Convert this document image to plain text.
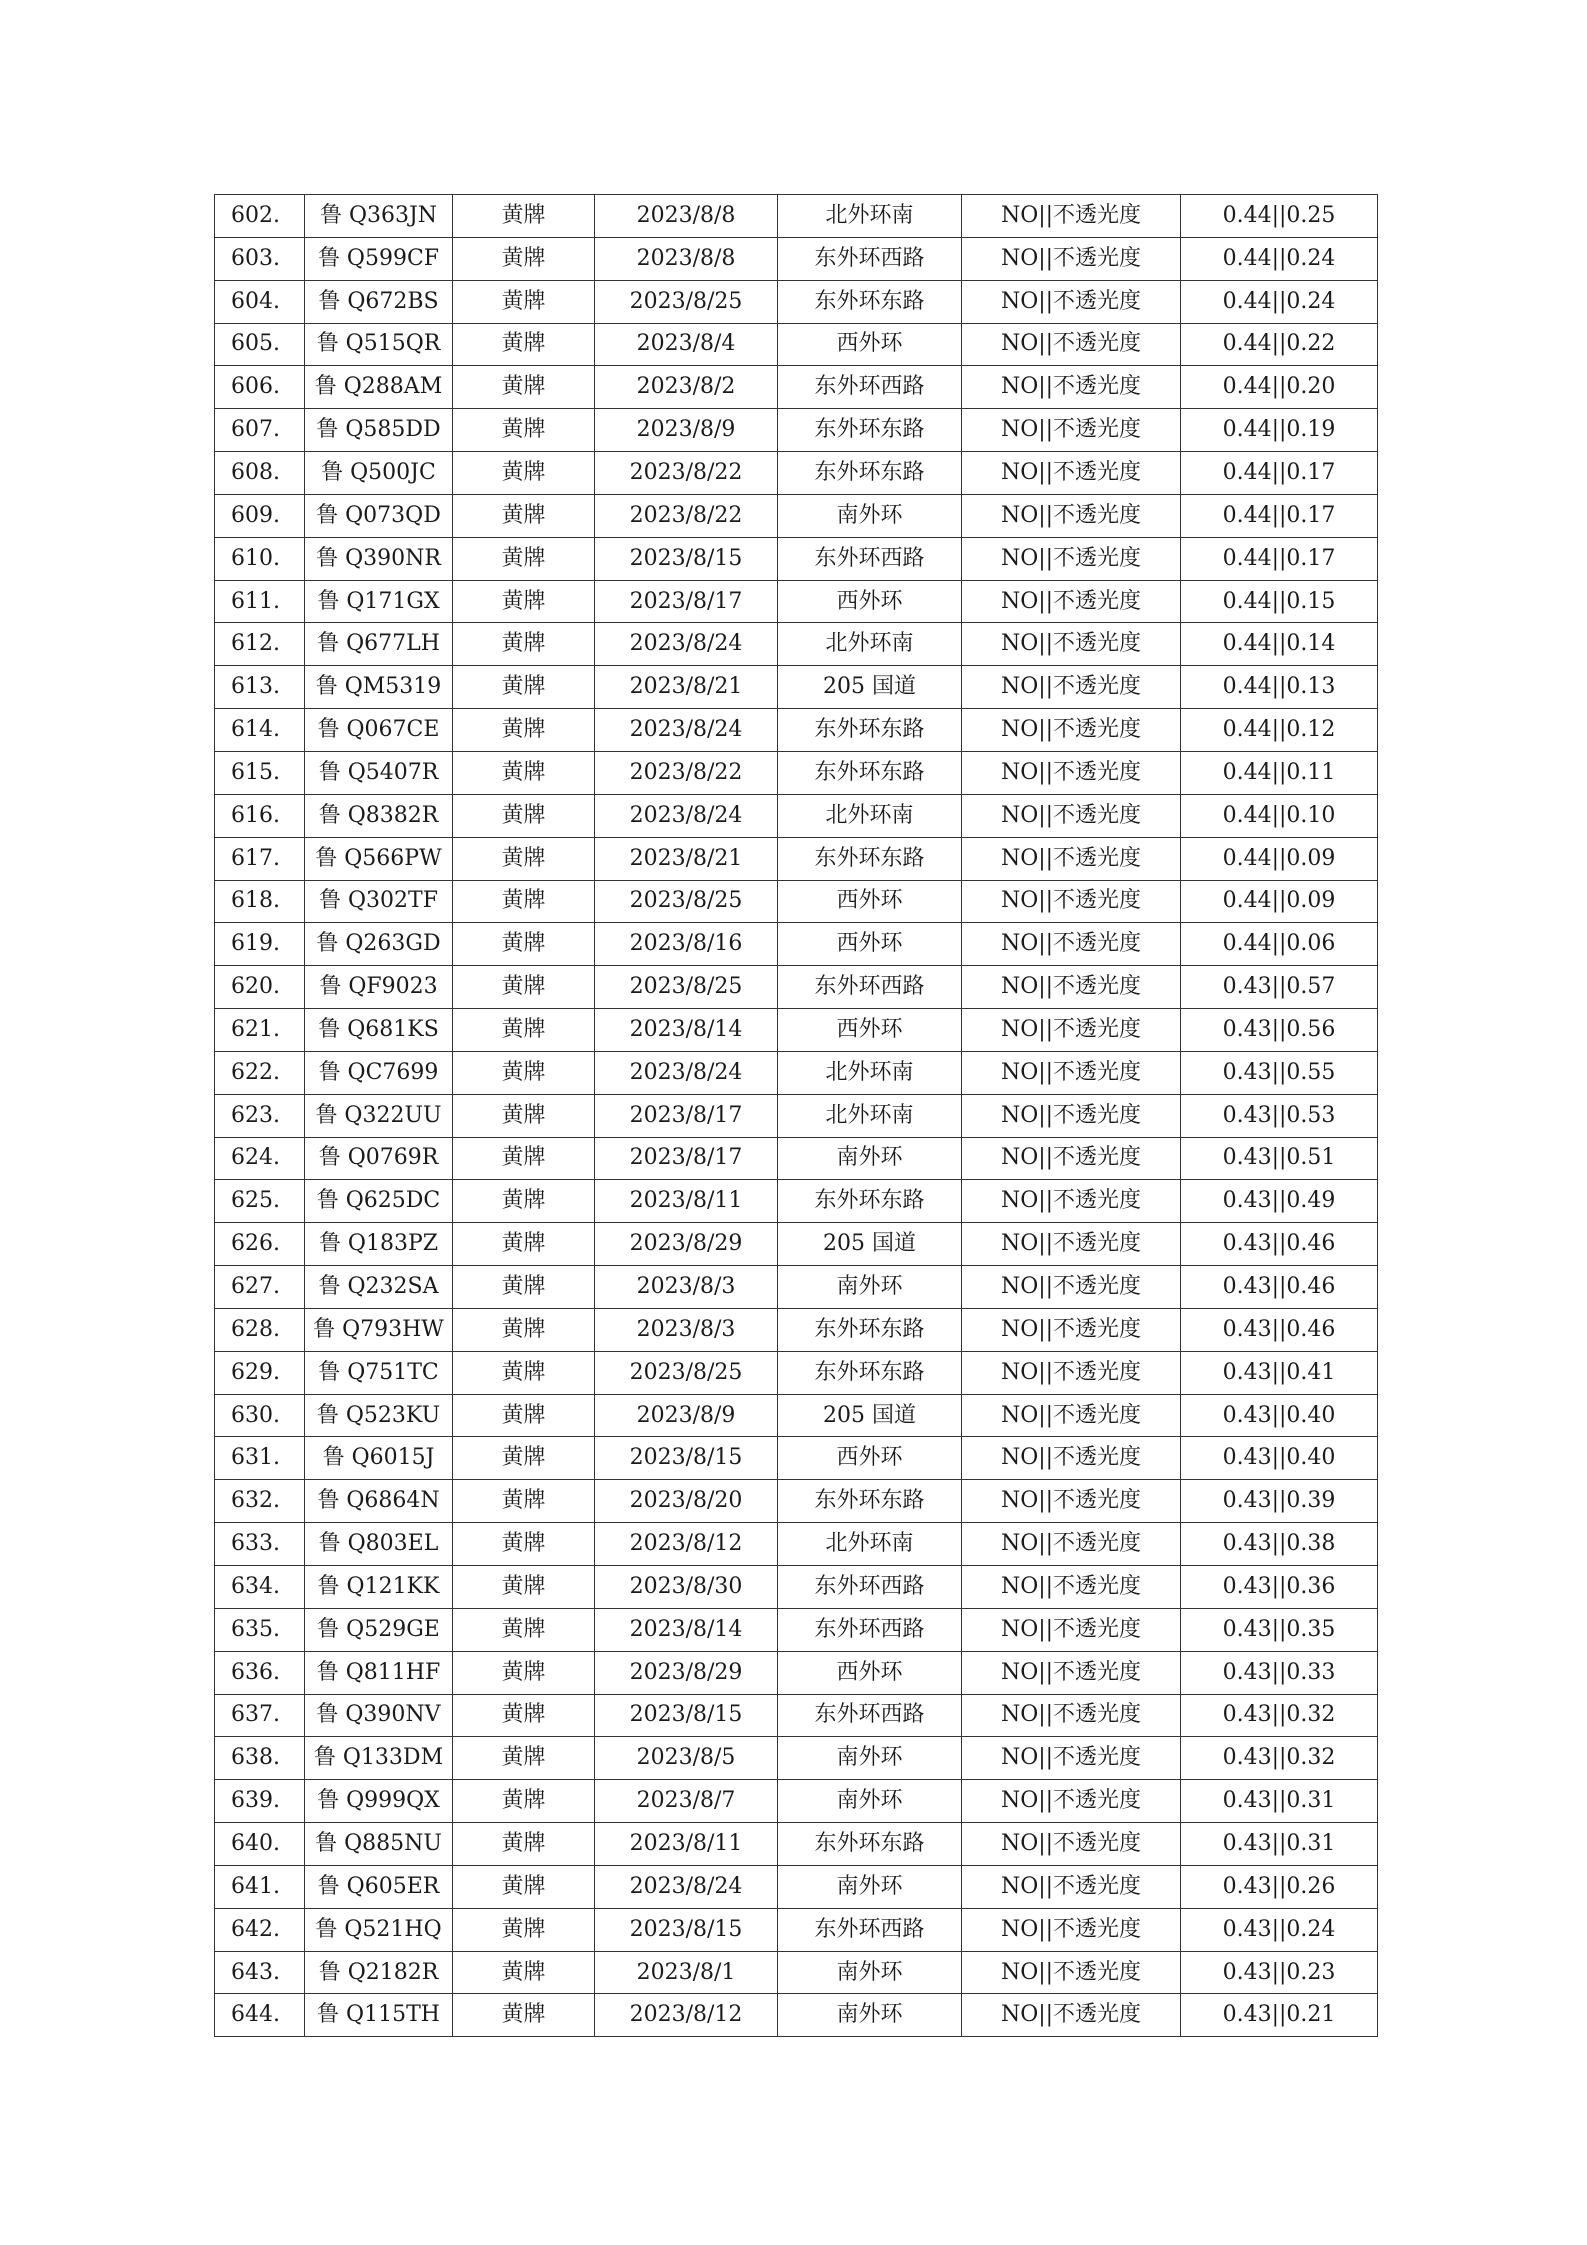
602.	鲁 Q363JN	黄牌	2023/8/8	北外环南	NO||不透光度	0.44||0.25
603.	鲁 Q599CF	黄牌	2023/8/8	东外环西路	NO||不透光度	0.44||0.24
604.	鲁 Q672BS	黄牌	2023/8/25	东外环东路	NO||不透光度	0.44||0.24
605.	鲁 Q515QR	黄牌	2023/8/4	西外环	NO||不透光度	0.44||0.22
606.	鲁 Q288AM	黄牌	2023/8/2	东外环西路	NO||不透光度	0.44||0.20
607.	鲁 Q585DD	黄牌	2023/8/9	东外环东路	NO||不透光度	0.44||0.19
608.	鲁 Q500JC	黄牌	2023/8/22	东外环东路	NO||不透光度	0.44||0.17
609.	鲁 Q073QD	黄牌	2023/8/22	南外环	NO||不透光度	0.44||0.17
610.	鲁 Q390NR	黄牌	2023/8/15	东外环西路	NO||不透光度	0.44||0.17
611.	鲁 Q171GX	黄牌	2023/8/17	西外环	NO||不透光度	0.44||0.15
612.	鲁 Q677LH	黄牌	2023/8/24	北外环南	NO||不透光度	0.44||0.14
613.	鲁 QM5319	黄牌	2023/8/21	205 国道	NO||不透光度	0.44||0.13
614.	鲁 Q067CE	黄牌	2023/8/24	东外环东路	NO||不透光度	0.44||0.12
615.	鲁 Q5407R	黄牌	2023/8/22	东外环东路	NO||不透光度	0.44||0.11
616.	鲁 Q8382R	黄牌	2023/8/24	北外环南	NO||不透光度	0.44||0.10
617.	鲁 Q566PW	黄牌	2023/8/21	东外环东路	NO||不透光度	0.44||0.09
618.	鲁 Q302TF	黄牌	2023/8/25	西外环	NO||不透光度	0.44||0.09
619.	鲁 Q263GD	黄牌	2023/8/16	西外环	NO||不透光度	0.44||0.06
620.	鲁 QF9023	黄牌	2023/8/25	东外环西路	NO||不透光度	0.43||0.57
621.	鲁 Q681KS	黄牌	2023/8/14	西外环	NO||不透光度	0.43||0.56
622.	鲁 QC7699	黄牌	2023/8/24	北外环南	NO||不透光度	0.43||0.55
623.	鲁 Q322UU	黄牌	2023/8/17	北外环南	NO||不透光度	0.43||0.53
624.	鲁 Q0769R	黄牌	2023/8/17	南外环	NO||不透光度	0.43||0.51
625.	鲁 Q625DC	黄牌	2023/8/11	东外环东路	NO||不透光度	0.43||0.49
626.	鲁 Q183PZ	黄牌	2023/8/29	205 国道	NO||不透光度	0.43||0.46
627.	鲁 Q232SA	黄牌	2023/8/3	南外环	NO||不透光度	0.43||0.46
628.	鲁 Q793HW	黄牌	2023/8/3	东外环东路	NO||不透光度	0.43||0.46
629.	鲁 Q751TC	黄牌	2023/8/25	东外环东路	NO||不透光度	0.43||0.41
630.	鲁 Q523KU	黄牌	2023/8/9	205 国道	NO||不透光度	0.43||0.40
631.	鲁 Q6015J	黄牌	2023/8/15	西外环	NO||不透光度	0.43||0.40
632.	鲁 Q6864N	黄牌	2023/8/20	东外环东路	NO||不透光度	0.43||0.39
633.	鲁 Q803EL	黄牌	2023/8/12	北外环南	NO||不透光度	0.43||0.38
634.	鲁 Q121KK	黄牌	2023/8/30	东外环西路	NO||不透光度	0.43||0.36
635.	鲁 Q529GE	黄牌	2023/8/14	东外环西路	NO||不透光度	0.43||0.35
636.	鲁 Q811HF	黄牌	2023/8/29	西外环	NO||不透光度	0.43||0.33
637.	鲁 Q390NV	黄牌	2023/8/15	东外环西路	NO||不透光度	0.43||0.32
638.	鲁 Q133DM	黄牌	2023/8/5	南外环	NO||不透光度	0.43||0.32
639.	鲁 Q999QX	黄牌	2023/8/7	南外环	NO||不透光度	0.43||0.31
640.	鲁 Q885NU	黄牌	2023/8/11	东外环东路	NO||不透光度	0.43||0.31
641.	鲁 Q605ER	黄牌	2023/8/24	南外环	NO||不透光度	0.43||0.26
642.	鲁 Q521HQ	黄牌	2023/8/15	东外环西路	NO||不透光度	0.43||0.24
643.	鲁 Q2182R	黄牌	2023/8/1	南外环	NO||不透光度	0.43||0.23
644.	鲁 Q115TH	黄牌	2023/8/12	南外环	NO||不透光度	0.43||0.21
